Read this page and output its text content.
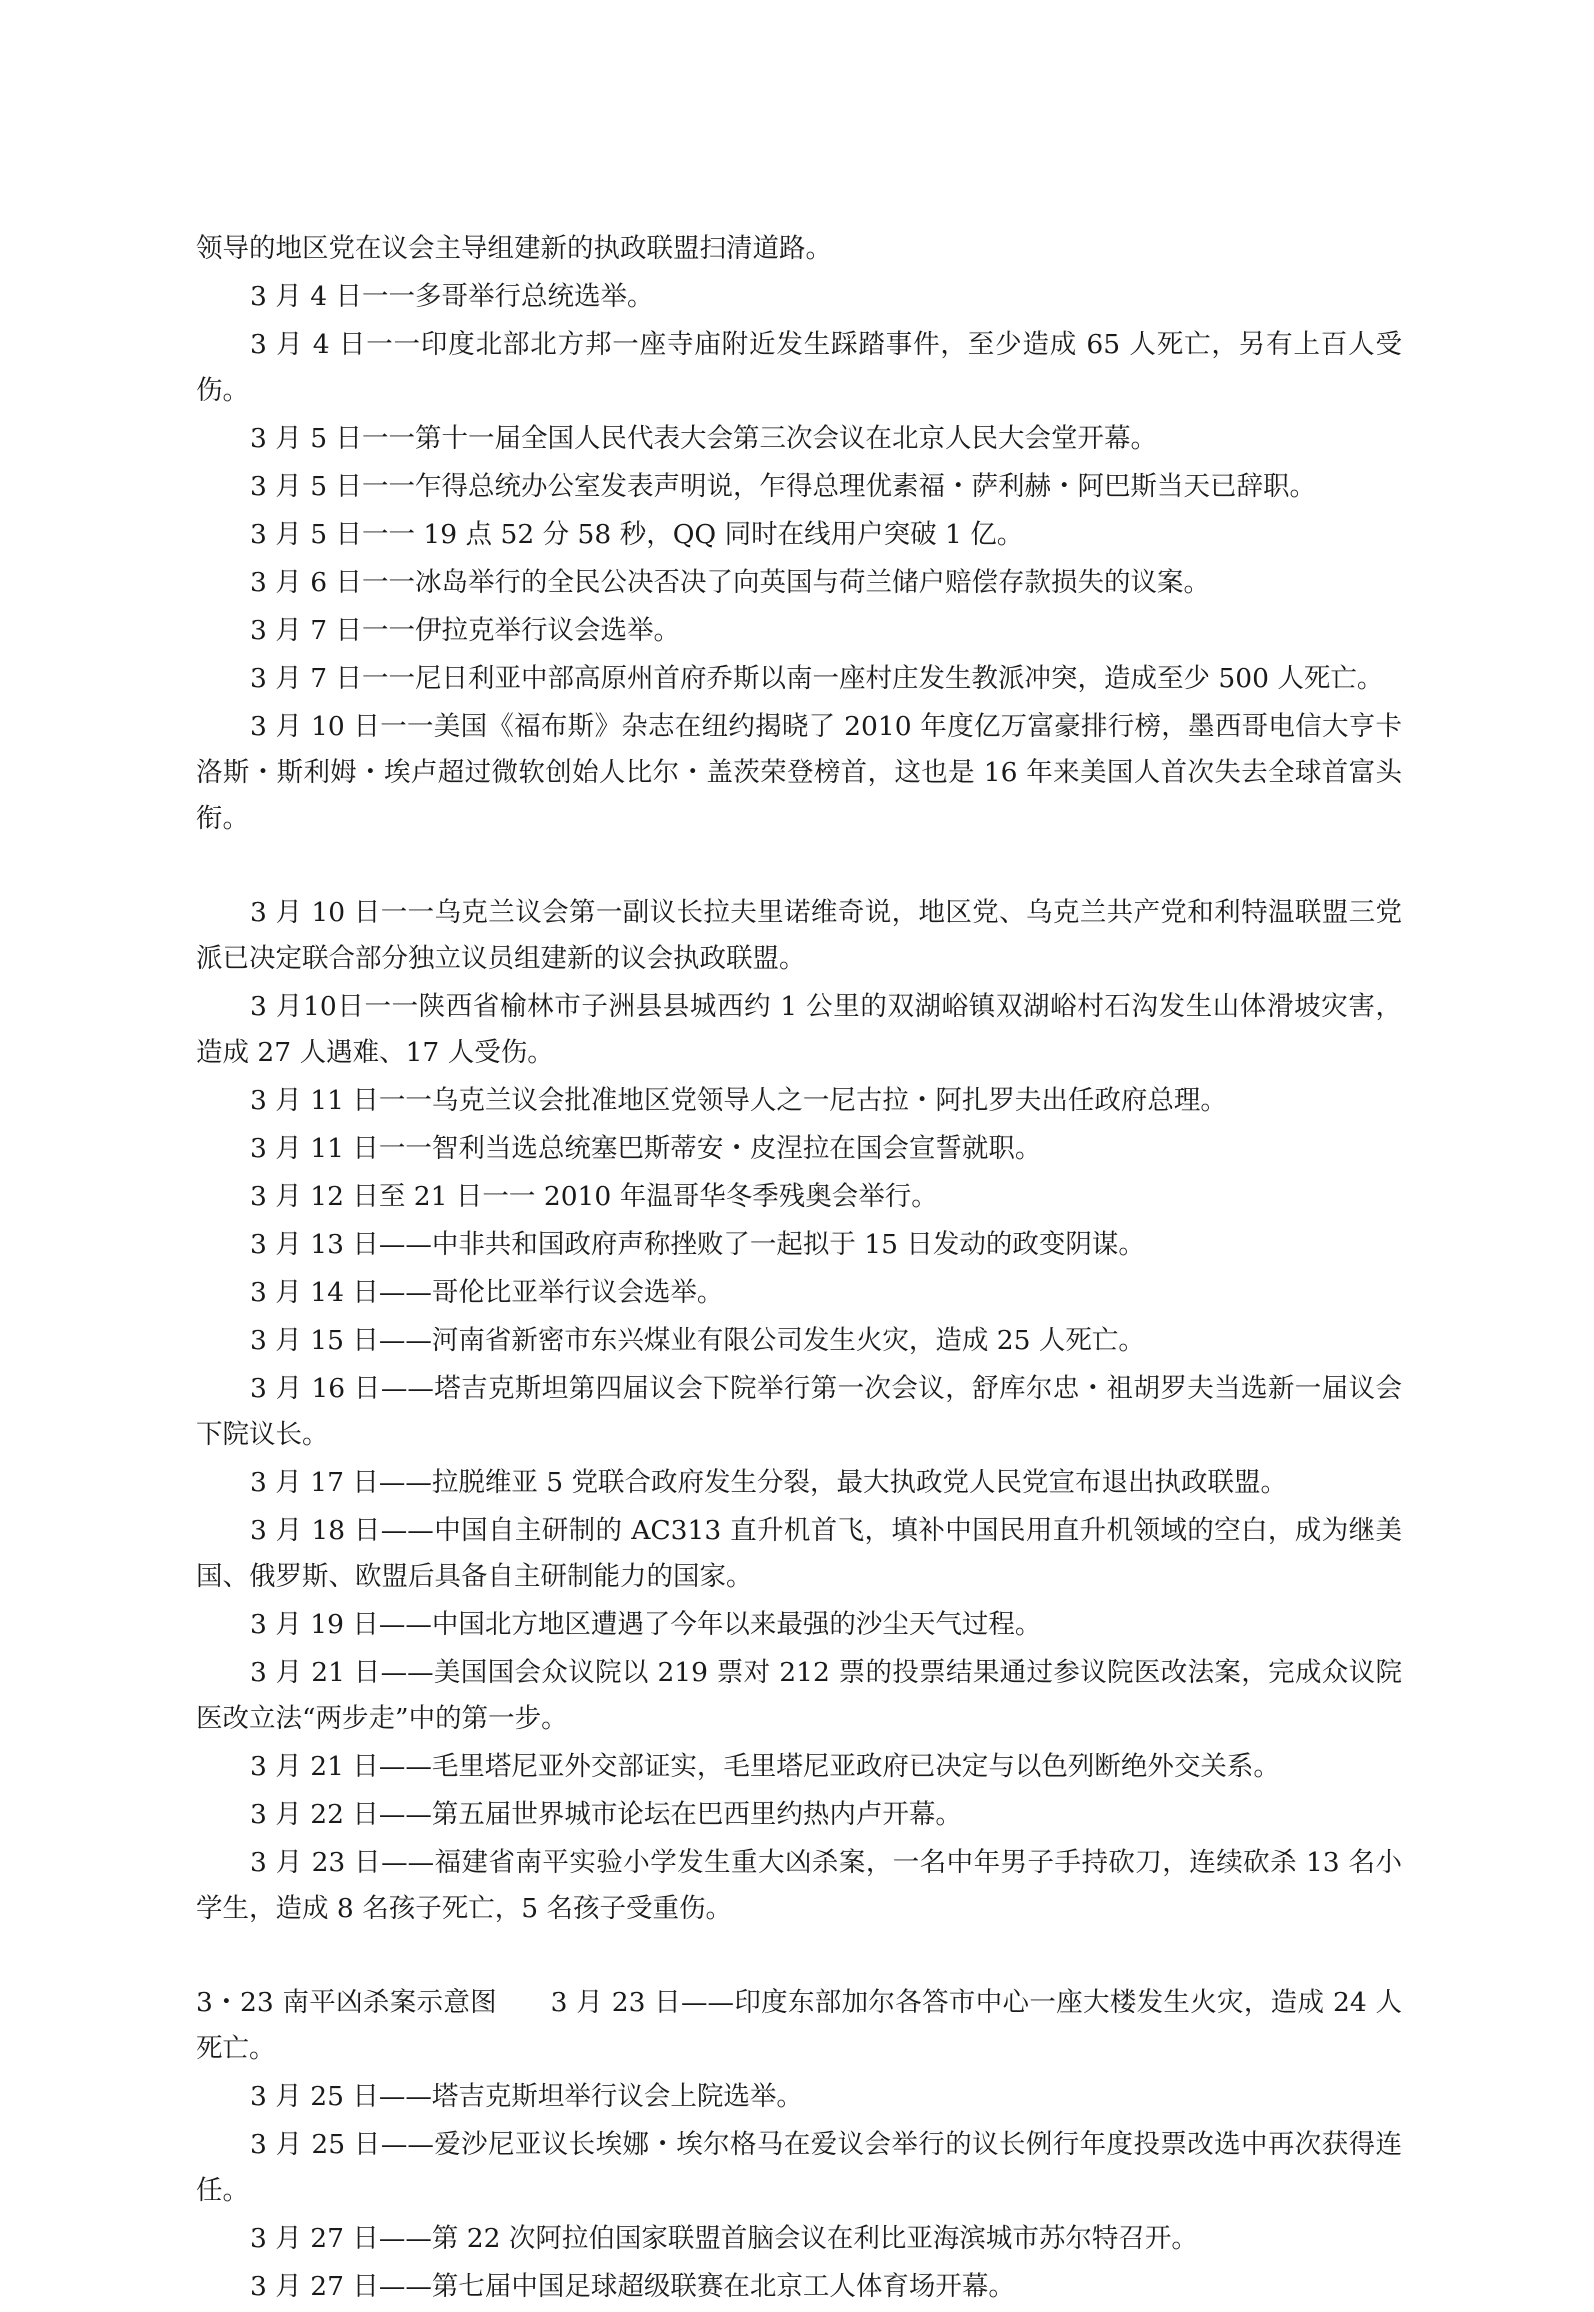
领导的地区党在议会主导组建新的执政联盟扫清道路。

3 月 4 日一一多哥举行总统选举。

3 月 4 日一一印度北部北方邦一座寺庙附近发生踩踏事件，至少造成 65 人死亡，另有上百人受伤。

3 月 5 日一一第十一届全国人民代表大会第三次会议在北京人民大会堂开幕。

3 月 5 日一一乍得总统办公室发表声明说，乍得总理优素福・萨利赫・阿巴斯当天已辞职。

3 月 5 日一一 19 点 52 分 58 秒，QQ 同时在线用户突破 1 亿。

3 月 6 日一一冰岛举行的全民公决否决了向英国与荷兰储户赔偿存款损失的议案。

3 月 7 日一一伊拉克举行议会选举。

3 月 7 日一一尼日利亚中部高原州首府乔斯以南一座村庄发生教派冲突，造成至少 500 人死亡。

3 月 10 日一一美国《福布斯》杂志在纽约揭晓了 2010 年度亿万富豪排行榜，墨西哥电信大亨卡洛斯・斯利姆・埃卢超过微软创始人比尔・盖茨荣登榜首，这也是 16 年来美国人首次失去全球首富头衔。

3 月 10 日一一乌克兰议会第一副议长拉夫里诺维奇说，地区党、乌克兰共产党和利特温联盟三党派已决定联合部分独立议员组建新的议会执政联盟。

3 月10日一一陕西省榆林市子洲县县城西约 1 公里的双湖峪镇双湖峪村石沟发生山体滑坡灾害，造成 27 人遇难、17 人受伤。

3 月 11 日一一乌克兰议会批准地区党领导人之一尼古拉・阿扎罗夫出任政府总理。

3 月 11 日一一智利当选总统塞巴斯蒂安・皮涅拉在国会宣誓就职。

3 月 12 日至 21 日一一 2010 年温哥华冬季残奥会举行。

3 月 13 日——中非共和国政府声称挫败了一起拟于 15 日发动的政变阴谋。

3 月 14 日——哥伦比亚举行议会选举。

3 月 15 日——河南省新密市东兴煤业有限公司发生火灾，造成 25 人死亡。

3 月 16 日——塔吉克斯坦第四届议会下院举行第一次会议，舒库尔忠・祖胡罗夫当选新一届议会下院议长。

3 月 17 日——拉脱维亚 5 党联合政府发生分裂，最大执政党人民党宣布退出执政联盟。

3 月 18 日——中国自主研制的 AC313 直升机首飞，填补中国民用直升机领域的空白，成为继美国、俄罗斯、欧盟后具备自主研制能力的国家。

3 月 19 日——中国北方地区遭遇了今年以来最强的沙尘天气过程。

3 月 21 日——美国国会众议院以 219 票对 212 票的投票结果通过参议院医改法案，完成众议院医改立法“两步走”中的第一步。

3 月 21 日——毛里塔尼亚外交部证实，毛里塔尼亚政府已决定与以色列断绝外交关系。

3 月 22 日——第五届世界城市论坛在巴西里约热内卢开幕。

3 月 23 日——福建省南平实验小学发生重大凶杀案，一名中年男子手持砍刀，连续砍杀 13 名小学生，造成 8 名孩子死亡，5 名孩子受重伤。

3・23 南平凶杀案示意图　　3 月 23 日——印度东部加尔各答市中心一座大楼发生火灾，造成 24 人死亡。

3 月 25 日——塔吉克斯坦举行议会上院选举。

3 月 25 日——爱沙尼亚议长埃娜・埃尔格马在爱议会举行的议长例行年度投票改选中再次获得连任。

3 月 27 日——第 22 次阿拉伯国家联盟首脑会议在利比亚海滨城市苏尔特召开。

3 月 27 日——第七届中国足球超级联赛在北京工人体育场开幕。
